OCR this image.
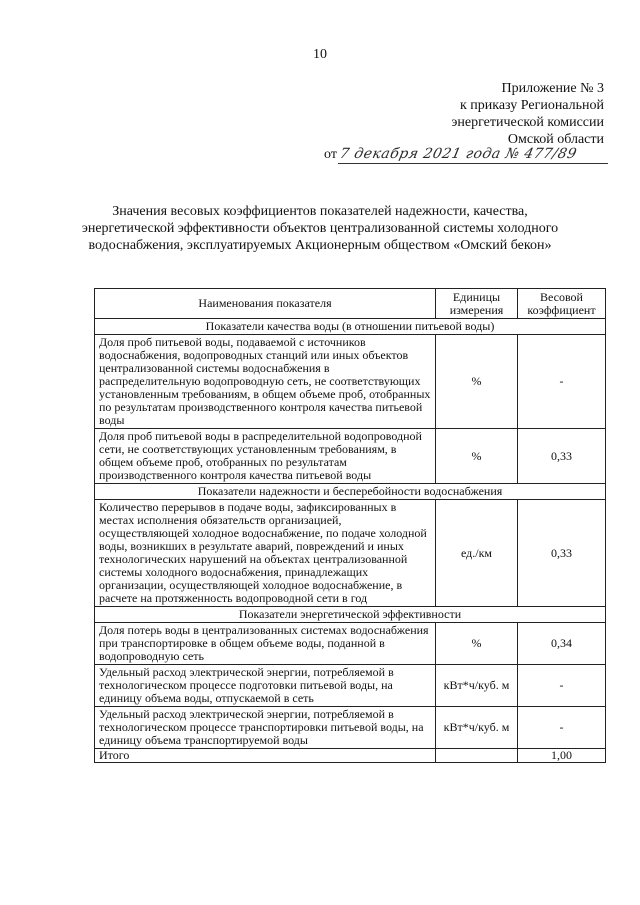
10
Приложение № 3
к приказу Региональной
энергетической комиссии
Омской области
от 7 декабря 2021 года № 477/89
Значения весовых коэффициентов показателей надежности, качества, энергетической эффективности объектов централизованной системы холодного водоснабжения, эксплуатируемых Акционерным обществом «Омский бекон»
Наименования показателя	Единицы измерения	Весовой коэффициент
Показатели качества воды (в отношении питьевой воды)		
Доля проб питьевой воды, подаваемой с источников водоснабжения, водопроводных станций или иных объектов централизованной системы водоснабжения в распределительную водопроводную сеть, не соответствующих установленным требованиям, в общем объеме проб, отобранных по результатам производственного контроля качества питьевой воды	%	-
Доля проб питьевой воды в распределительной водопроводной сети, не соответствующих установленным требованиям, в общем объеме проб, отобранных по результатам производственного контроля качества питьевой воды	%	0,33
Показатели надежности и бесперебойности водоснабжения		
Количество перерывов в подаче воды, зафиксированных в местах исполнения обязательств организацией, осуществляющей холодное водоснабжение, по подаче холодной воды, возникших в результате аварий, повреждений и иных технологических нарушений на объектах централизованной системы холодного водоснабжения, принадлежащих организации, осуществляющей холодное водоснабжение, в расчете на протяженность водопроводной сети в год	ед./км	0,33
Показатели энергетической эффективности		
Доля потерь воды в централизованных системах водоснабжения при транспортировке в общем объеме воды, поданной в водопроводную сеть	%	0,34
Удельный расход электрической энергии, потребляемой в технологическом процессе подготовки питьевой воды, на единицу объема воды, отпускаемой в сеть	кВт*ч/куб. м	-
Удельный расход электрической энергии, потребляемой в технологическом процессе транспортировки питьевой воды, на единицу объема транспортируемой воды	кВт*ч/куб. м	-
Итого		1,00
